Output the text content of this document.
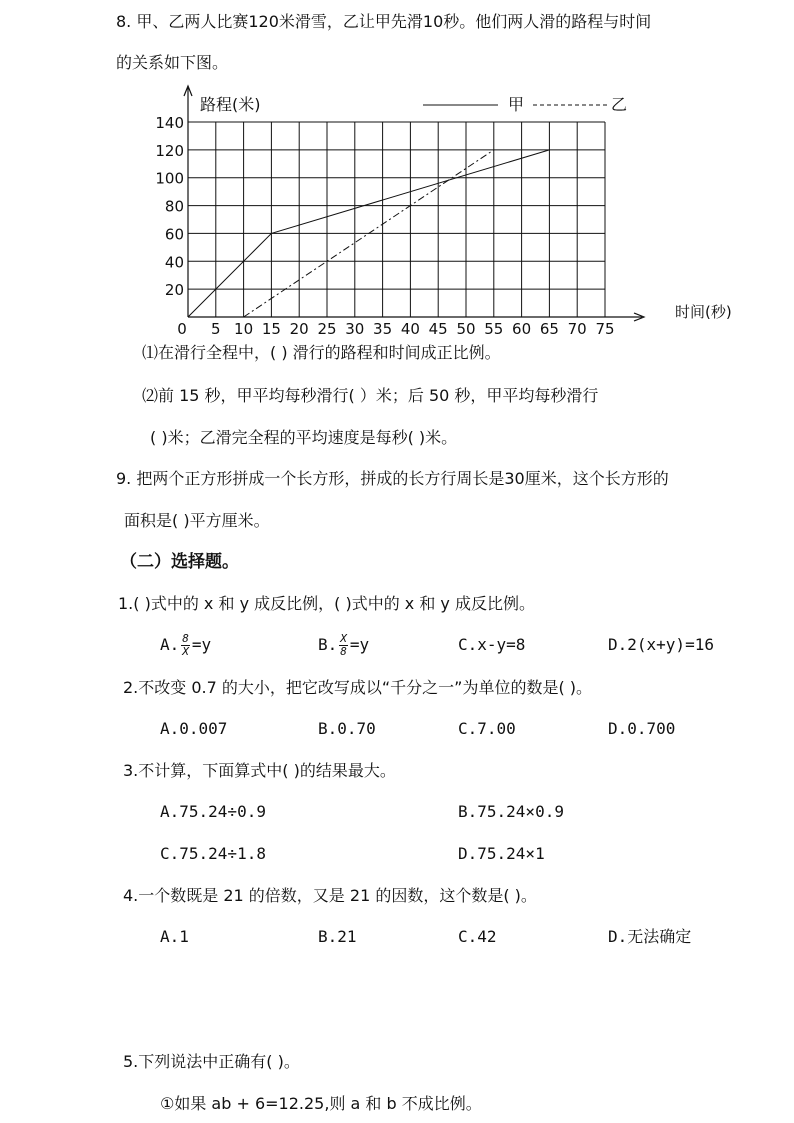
8. 甲、乙两人比赛120米滑雪，乙让甲先滑10秒。他们两人滑的路程与时间
的关系如下图。
路程(米)
时间(秒)
20
40
60
80
100
120
140
0 5 10 15 20 25 30 35 40 45 50 55 60 65 70 75
甲	乙
⑴在滑行全程中，( ) 滑行的路程和时间成正比例。
⑵前 15 秒，甲平均每秒滑行( ）米；后 50 秒，甲平均每秒滑行
( )米；乙滑完全程的平均速度是每秒( )米。
9. 把两个正方形拼成一个长方形，拼成的长方行周长是30厘米，这个长方形的
面积是( )平方厘米。
（二）选择题。
1.( )式中的 x 和 y 成反比例，( )式中的 x 和 y 成反比例。
A. $\frac{8}{X} =y$	B. $\frac{X}{8} =y$	C.x-y=8	D.2(x+y)=16
2.不改变 0.7 的大小，把它改写成以“千分之一”为单位的数是( )。
A.0.007	B.0.70	C.7.00	D.0.700
3.不计算，下面算式中( )的结果最大。
A.75.24÷0.9	B.75.24×0.9
C.75.24÷1.8	D.75.24×1
4.一个数既是 21 的倍数，又是 21 的因数，这个数是( )。
A.1	B.21	C.42	D.无法确定
5.下列说法中正确有( )。
①如果 ab + 6=12.25,则 a 和 b 不成比例。
